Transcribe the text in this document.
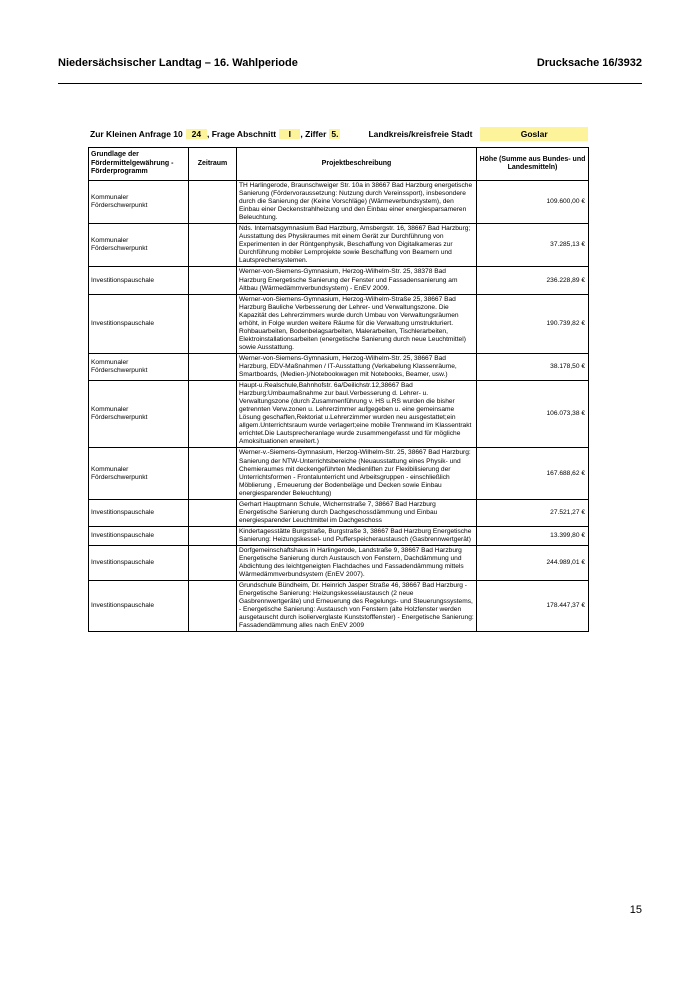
Niedersächsischer Landtag – 16. Wahlperiode	Drucksache 16/3932
Zur Kleinen Anfrage 10	24 , Frage Abschnitt	I	, Ziffer 5.	Landkreis/kreisfreie Stadt	Goslar
Grundlage der Fördermittelgewährung - Förderprogramm	Zeitraum	Projektbeschreibung	Höhe (Summe aus Bundes- und Landesmitteln)
Kommunaler Förderschwerpunkt		TH Harlingerode, Braunschweiger Str. 10a in 38667 Bad Harzburg energetische Sanierung (Fördervoraussetzung: Nutzung durch Vereinssport), insbesondere durch die Sanierung der (Keine Vorschläge) (Wärmeverbundsystem), den Einbau einer Deckenstrahlheizung und den Einbau einer energiesparsameren Beleuchtung.	109.600,00 €
Kommunaler Förderschwerpunkt		Nds. Internatsgymnasium Bad Harzburg, Amsbergstr. 16, 38667 Bad Harzburg; Ausstattung des Physikraumes mit einem Gerät zur Durchführung von Experimenten in der Röntgenphysik, Beschaffung von Digitalkameras zur Durchführung mobiler Lernprojekte sowie Beschaffung von Beamern und Lautsprechersystemen.	37.285,13 €
Investitionspauschale		Werner-von-Siemens-Gymnasium, Herzog-Wilhelm-Str. 25, 38378 Bad Harzburg Energetische Sanierung der Fenster und Fassadensanierung am Altbau (Wärmedämmverbundsystem) - EnEV 2009.	236.228,89 €
Investitionspauschale		Werner-von-Siemens-Gymnasium, Herzog-Wilhelm-Straße 25, 38667 Bad Harzburg Bauliche Verbesserung der Lehrer- und Verwaltungszone. Die Kapazität des Lehrerzimmers wurde durch Umbau von Verwaltungsräumen erhöht, in Folge wurden weitere Räume für die Verwaltung umstrukturiert. Rohbauarbeiten, Bodenbelagsarbeiten, Malerarbeiten, Tischlerarbeiten, Elektroinstallationsarbeiten (energetische Sanierung durch neue Leuchtmittel) sowie Ausstattung.	190.739,82 €
Kommunaler Förderschwerpunkt		Werner-von-Siemens-Gymnasium, Herzog-Wilhelm-Str. 25, 38667 Bad Harzburg, EDV-Maßnahmen / IT-Ausstattung (Verkabelung Klassenräume, Smartboards, (Medien-)/Notebookwagen mit Notebooks, Beamer, usw.)	38.178,50 €
Kommunaler Förderschwerpunkt		Haupt-u.Realschule,Bahnhofstr. 6a/Deilichstr.12,38667 Bad Harzburg:Umbaumaßnahme zur baul.Verbesserung d. Lehrer- u. Verwaltungszone (durch Zusammenführung v. HS u.RS wurden die bisher getrennten Verw.zonen u. Lehrerzimmer aufgegeben u. eine gemeinsame Lösung geschaffen,Rektoriat u.Lehrerzimmer wurden neu ausgestattet;ein allgem.Unterrichtsraum wurde verlagert;eine mobile Trennwand im Klassentrakt errichtet.Die Lautsprecheranlage wurde zusammengefasst und für mögliche Amoksituationen erweitert.)	106.073,38 €
Kommunaler Förderschwerpunkt		Werner-v.-Siemens-Gymnasium, Herzog-Wilhelm-Str. 25, 38667 Bad Harzburg: Sanierung der NTW-Unterrichtsbereiche (Neuausstattung eines Physik- und Chemieraumes mit deckengeführten Medienliften zur Flexibilisierung der Unterrichtsformen - Frontalunterricht und Arbeitsgruppen - einschließlich Möblierung , Erneuerung der Bodenbeläge und Decken sowie Einbau energiesparender Beleuchtung)	167.688,62 €
Investitionspauschale		Gerhart Hauptmann Schule, Wichernstraße 7, 38667 Bad Harzburg Energetische Sanierung durch Dachgeschossdämmung und Einbau energiesparender Leuchtmittel im Dachgeschoss	27.521,27 €
Investitionspauschale		Kindertagesstätte Burgstraße, Burgstraße 3, 38667 Bad Harzburg Energetische Sanierung: Heizungskessel- und Pufferspeicheraustausch (Gasbrennwertgerät)	13.399,80 €
Investitionspauschale		Dorfgemeinschaftshaus in Harlingerode, Landstraße 9, 38667 Bad Harzburg Energetische Sanierung durch Austausch von Fenstern, Dachdämmung und Abdichtung des leichtgeneigten Flachdaches und Fassadendämmung mittels Wärmedämmverbundsystem (EnEV 2007).	244.989,01 €
Investitionspauschale		Grundschule Bündheim, Dr. Heinrich Jasper Straße 46, 38667 Bad Harzburg - Energetische Sanierung: Heizungskesselaustausch (2 neue Gasbrennwertgeräte) und Erneuerung des Regelungs- und Steuerungssystems, - Energetische Sanierung: Austausch von Fenstern (alte Holzfenster werden ausgetauscht durch isolierverglaste Kunststofffenster) - Energetische Sanierung: Fassadendämmung alles nach EnEV 2009	178.447,37 €
15
